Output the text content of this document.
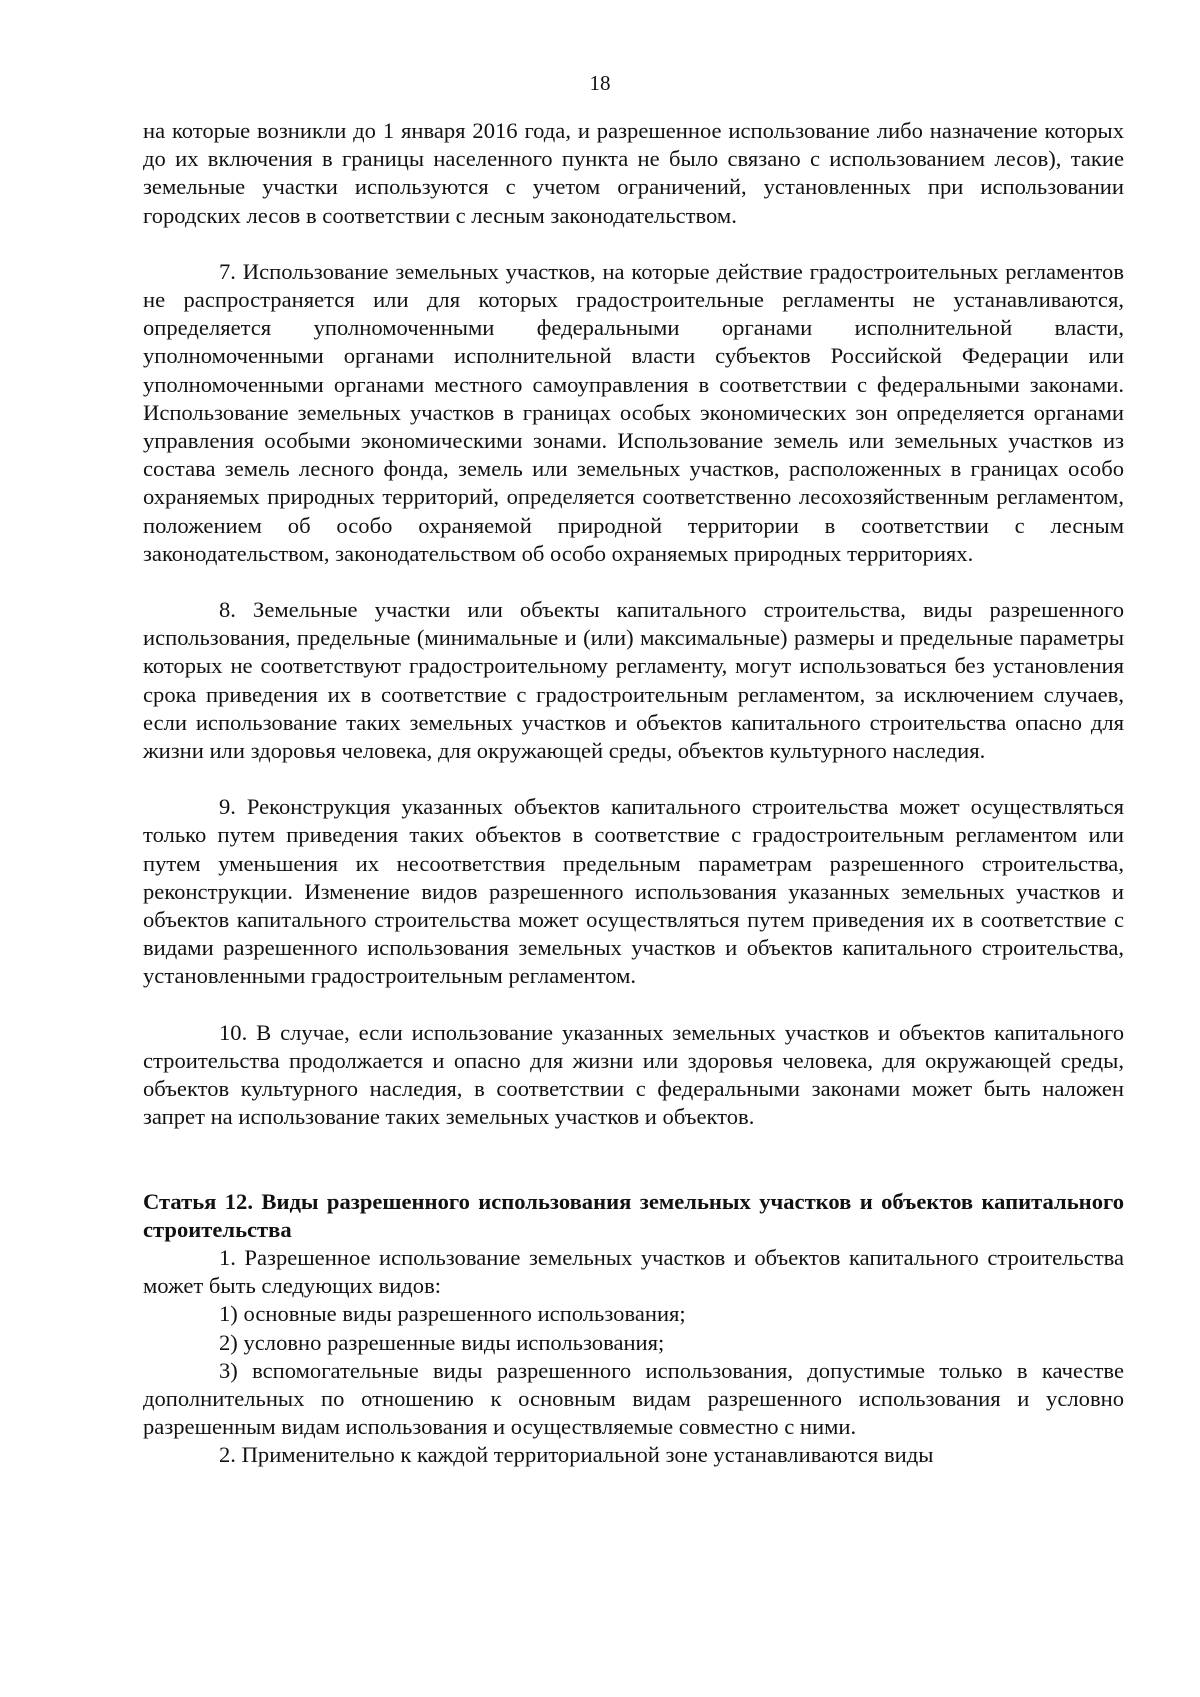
18

на которые возникли до 1 января 2016 года, и разрешенное использование либо назначение которых до их включения в границы населенного пункта не было связано с использованием лесов), такие земельные участки используются с учетом ограничений, установленных при использовании городских лесов в соответствии с лесным законодательством.

7. Использование земельных участков, на которые действие градостроительных регламентов не распространяется или для которых градостроительные регламенты не устанавливаются, определяется уполномоченными федеральными органами исполнительной власти, уполномоченными органами исполнительной власти субъектов Российской Федерации или уполномоченными органами местного самоуправления в соответствии с федеральными законами. Использование земельных участков в границах особых экономических зон определяется органами управления особыми экономическими зонами. Использование земель или земельных участков из состава земель лесного фонда, земель или земельных участков, расположенных в границах особо охраняемых природных территорий, определяется соответственно лесохозяйственным регламентом, положением об особо охраняемой природной территории в соответствии с лесным законодательством, законодательством об особо охраняемых природных территориях.

8. Земельные участки или объекты капитального строительства, виды разрешенного использования, предельные (минимальные и (или) максимальные) размеры и предельные параметры которых не соответствуют градостроительному регламенту, могут использоваться без установления срока приведения их в соответствие с градостроительным регламентом, за исключением случаев, если использование таких земельных участков и объектов капитального строительства опасно для жизни или здоровья человека, для окружающей среды, объектов культурного наследия.

9. Реконструкция указанных объектов капитального строительства может осуществляться только путем приведения таких объектов в соответствие с градостроительным регламентом или путем уменьшения их несоответствия предельным параметрам разрешенного строительства, реконструкции. Изменение видов разрешенного использования указанных земельных участков и объектов капитального строительства может осуществляться путем приведения их в соответствие с видами разрешенного использования земельных участков и объектов капитального строительства, установленными градостроительным регламентом.

10. В случае, если использование указанных земельных участков и объектов капитального строительства продолжается и опасно для жизни или здоровья человека, для окружающей среды, объектов культурного наследия, в соответствии с федеральными законами может быть наложен запрет на использование таких земельных участков и объектов.

Статья 12. Виды разрешенного использования земельных участков и объектов капитального строительства

1. Разрешенное использование земельных участков и объектов капитального строительства может быть следующих видов:

1) основные виды разрешенного использования;

2) условно разрешенные виды использования;

3) вспомогательные виды разрешенного использования, допустимые только в качестве дополнительных по отношению к основным видам разрешенного использования и условно разрешенным видам использования и осуществляемые совместно с ними.

2. Применительно к каждой территориальной зоне устанавливаются виды
